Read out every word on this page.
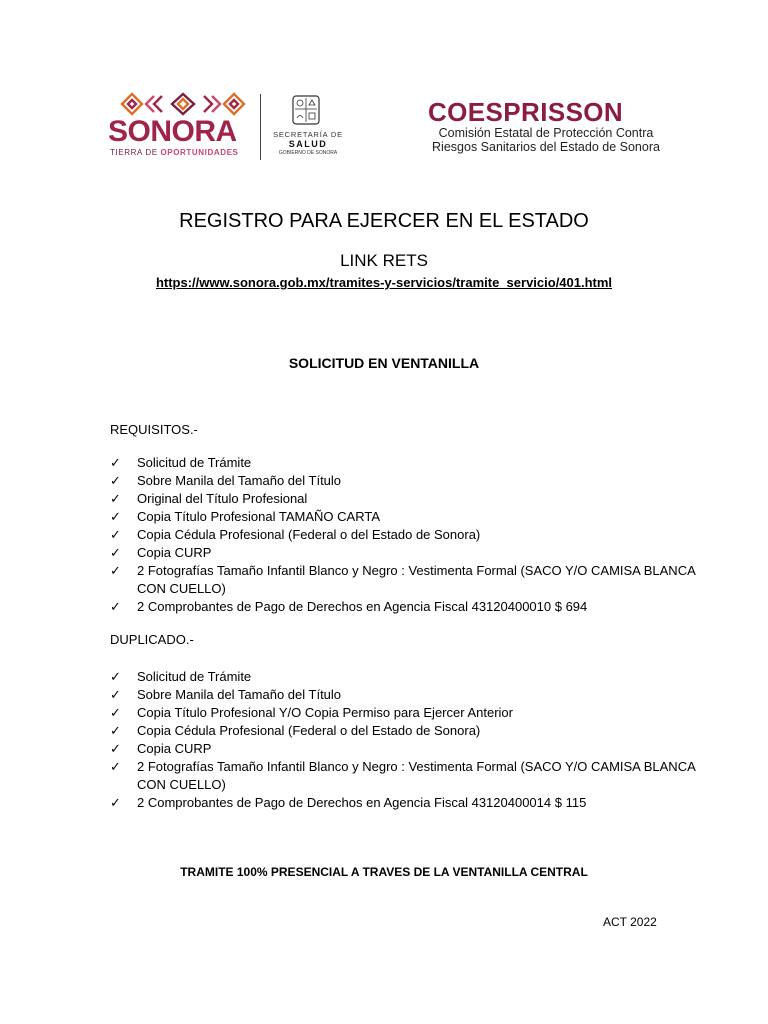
SONORA
TIERRA DE OPORTUNIDADES
SECRETARÍA DE
SALUD
GOBIERNO DE SONORA
COESPRISSON
Comisión Estatal de Protección Contra
Riesgos Sanitarios del Estado de Sonora
REGISTRO PARA EJERCER EN EL ESTADO
LINK RETS
https://www.sonora.gob.mx/tramites-y-servicios/tramite_servicio/401.html
SOLICITUD EN VENTANILLA
REQUISITOS.-
✓	Solicitud de Trámite
✓	Sobre Manila del Tamaño del Título
✓	Original del Título Profesional
✓	Copia Título Profesional TAMAÑO CARTA
✓	Copia Cédula Profesional (Federal o del Estado de Sonora)
✓	Copia CURP
✓	2 Fotografías Tamaño Infantil Blanco y Negro : Vestimenta Formal (SACO Y/O CAMISA BLANCA CON CUELLO)
✓	2 Comprobantes de Pago de Derechos en Agencia Fiscal 43120400010 $ 694
DUPLICADO.-
✓	Solicitud de Trámite
✓	Sobre Manila del Tamaño del Título
✓	Copia Título Profesional Y/O Copia Permiso para Ejercer Anterior
✓	Copia Cédula Profesional (Federal o del Estado de Sonora)
✓	Copia CURP
✓	2 Fotografías Tamaño Infantil Blanco y Negro : Vestimenta Formal (SACO Y/O CAMISA BLANCA CON CUELLO)
✓	2 Comprobantes de Pago de Derechos en Agencia Fiscal 43120400014 $ 115
TRAMITE 100% PRESENCIAL A TRAVES DE LA VENTANILLA CENTRAL
ACT 2022
